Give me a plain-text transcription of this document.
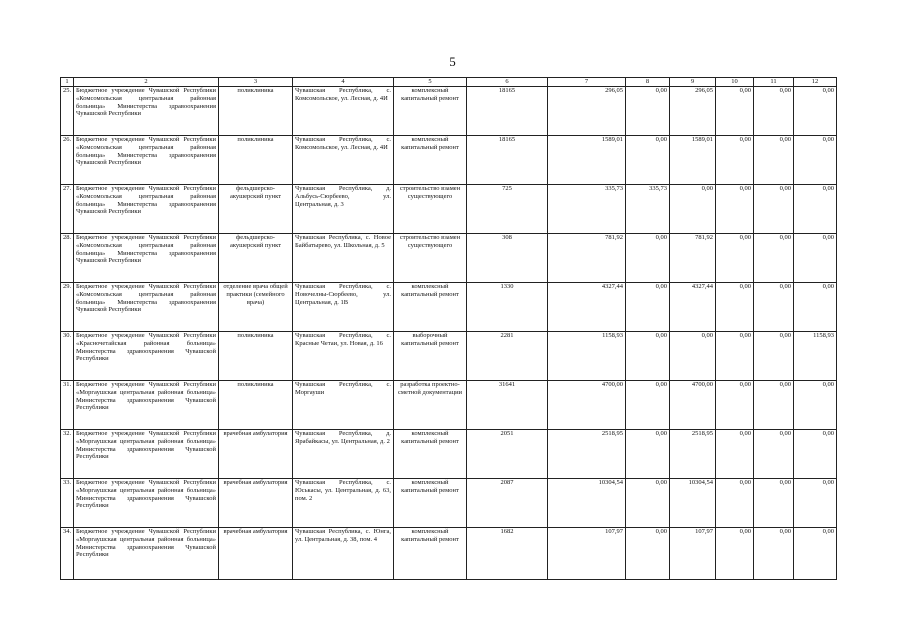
5
1	2	3	4	5	6	7	8	9	10	11	12
25.	Бюджетное учреждение Чувашской Республики «Комсомольская центральная районная больница» Министерства здравоохранения Чувашской Республики	поликлиника	Чувашская Республика, с. Комсомольское, ул. Лесная, д. 4И	комплексный капитальный ремонт	18165	296,05	0,00	296,05	0,00	0,00	0,00
26.	Бюджетное учреждение Чувашской Республики «Комсомольская центральная районная больница» Министерства здравоохранения Чувашской Республики	поликлиника	Чувашская Республика, с. Комсомольское, ул. Лесная, д. 4И	комплексный капитальный ремонт	18165	1589,01	0,00	1589,01	0,00	0,00	0,00
27.	Бюджетное учреждение Чувашской Республики «Комсомольская центральная районная больница» Министерства здравоохранения Чувашской Республики	фельдшерско-акушерский пункт	Чувашская Республика, д. Альбусь-Сюрбеево, ул. Центральная, д. 3	строительство взамен существующего	725	335,73	335,73	0,00	0,00	0,00	0,00
28.	Бюджетное учреждение Чувашской Республики «Комсомольская центральная районная больница» Министерства здравоохранения Чувашской Республики	фельдшерско-акушерский пункт	Чувашская Республика, с. Новое Байбатырево, ул. Школьная, д. 5	строительство взамен существующего	308	781,92	0,00	781,92	0,00	0,00	0,00
29.	Бюджетное учреждение Чувашской Республики «Комсомольская центральная районная больница» Министерства здравоохранения Чувашской Республики	отделение врача общей практики (семейного врача)	Чувашская Республика, с. Новочелны-Сюрбеево, ул. Центральная, д. 1В	комплексный капитальный ремонт	1330	4327,44	0,00	4327,44	0,00	0,00	0,00
30.	Бюджетное учреждение Чувашской Республики «Красночетайская районная больница» Министерства здравоохранения Чувашской Республики	поликлиника	Чувашская Республика, с. Красные Четаи, ул. Новая, д. 16	выборочный капитальный ремонт	2281	1158,93	0,00	0,00	0,00	0,00	1158,93
31.	Бюджетное учреждение Чувашской Республики «Моргаушская центральная районная больница» Министерства здравоохранения Чувашской Республики	поликлиника	Чувашская Республика, с. Моргауши	разработка проектно-сметной документации	31641	4700,00	0,00	4700,00	0,00	0,00	0,00
32.	Бюджетное учреждение Чувашской Республики «Моргаушская центральная районная больница» Министерства здравоохранения Чувашской Республики	врачебная амбулатория	Чувашская Республика, д. Ярабайкасы, ул. Центральная, д. 2	комплексный капитальный ремонт	2051	2518,95	0,00	2518,95	0,00	0,00	0,00
33.	Бюджетное учреждение Чувашской Республики «Моргаушская центральная районная больница» Министерства здравоохранения Чувашской Республики	врачебная амбулатория	Чувашская Республика, с. Юськасы, ул. Центральная, д. 63, пом. 2	комплексный капитальный ремонт	2087	10304,54	0,00	10304,54	0,00	0,00	0,00
34.	Бюджетное учреждение Чувашской Республики «Моргаушская центральная районная больница» Министерства здравоохранения Чувашской Республики	врачебная амбулатория	Чувашская Республика, с. Юнга, ул. Центральная, д. 38, пом. 4	комплексный капитальный ремонт	1682	107,97	0,00	107,97	0,00	0,00	0,00
